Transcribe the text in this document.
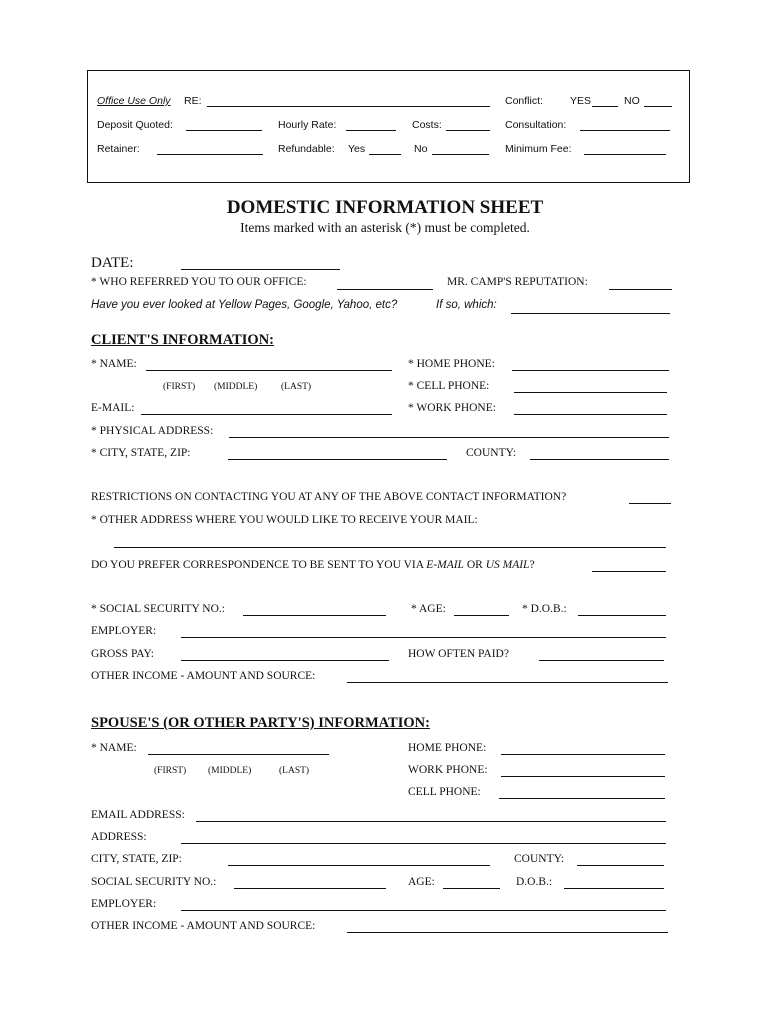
Office Use Only RE:	Conflict:	YES	NO
Deposit Quoted:	Hourly Rate:	Costs:	Consultation:
Retainer:	Refundable: Yes	No	Minimum Fee:
DOMESTIC INFORMATION SHEET
Items marked with an asterisk (*) must be completed.
DATE:
* WHO REFERRED YOU TO OUR OFFICE:	MR. CAMP'S REPUTATION:
Have you ever looked at Yellow Pages, Google, Yahoo, etc?	If so, which:
CLIENT'S INFORMATION:
* NAME:	* HOME PHONE:
(FIRST) (MIDDLE) (LAST)	* CELL PHONE:
E-MAIL:	* WORK PHONE:
* PHYSICAL ADDRESS:
* CITY, STATE, ZIP:	COUNTY:
RESTRICTIONS ON CONTACTING YOU AT ANY OF THE ABOVE CONTACT INFORMATION?
* OTHER ADDRESS WHERE YOU WOULD LIKE TO RECEIVE YOUR MAIL:
DO YOU PREFER CORRESPONDENCE TO BE SENT TO YOU VIA E-MAIL OR US MAIL?
* SOCIAL SECURITY NO.:	* AGE:	* D.O.B.:
EMPLOYER:
GROSS PAY:	HOW OFTEN PAID?
OTHER INCOME - AMOUNT AND SOURCE:
SPOUSE'S (OR OTHER PARTY'S) INFORMATION:
* NAME:	HOME PHONE:
(FIRST) (MIDDLE)	(LAST)	WORK PHONE:
CELL PHONE:
EMAIL ADDRESS:
ADDRESS:
CITY, STATE, ZIP:	COUNTY:
SOCIAL SECURITY NO.:	AGE:	D.O.B.:
EMPLOYER:
OTHER INCOME - AMOUNT AND SOURCE:
